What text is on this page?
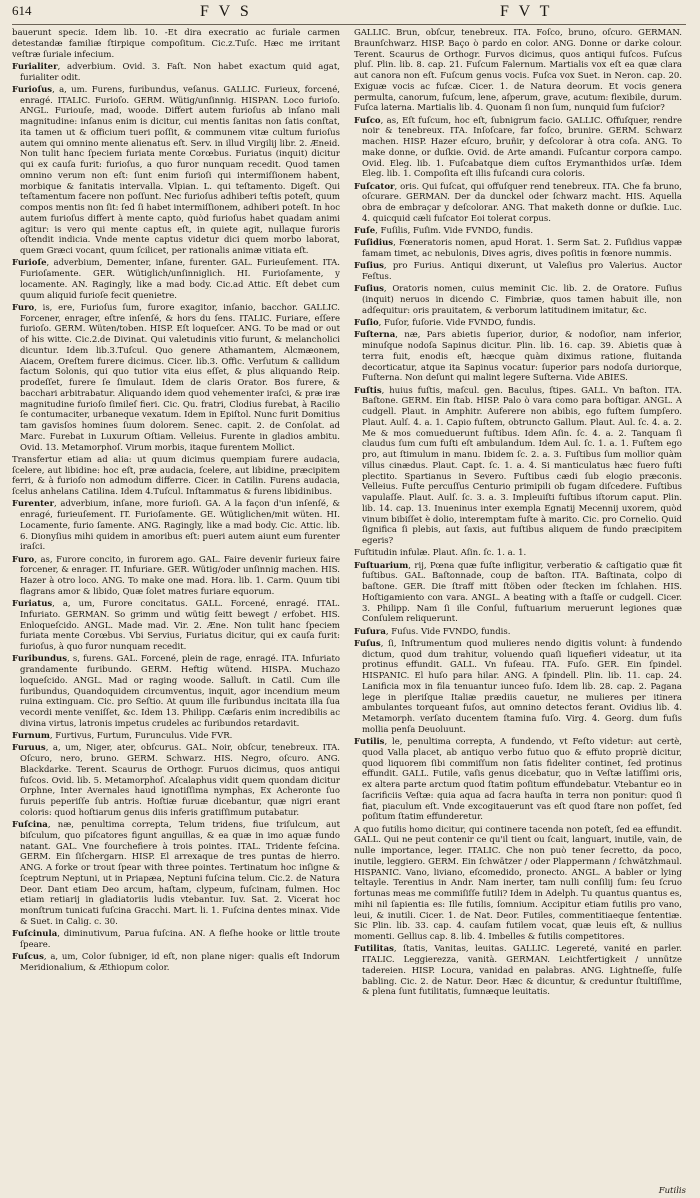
614	F V S	F V T

bauerunt speciε. Idem lib. 10. -Et dira execratio ac furiale carmen detestandæ familiæ ſtirpique compoſitum. Cic.z.Tuſc. Hæc me irritant veſtræ ſuriale infecium.

Furialiter, adverbium. Ovid. 3. Faſt. Non habet exactum quid agat, furialiter odit.

Furioſus, a, um. Furens, furibundus, veſanus. GALLIC. Furieux, forcené, enragé. ITALIC. Furioſo. GERM. Wütig/unſinnig. HISPAN. Loco furioſo. ANGL. Furiouſe, mad, woode. Differt autem furioſus ab inſano mali magnitudine: inſanus enim is dicitur, cui mentis ſanitas non ſatis conſtat, ita tamen ut & officium tueri poſſit, & communem vitæ cultum furioſus autem qui omnino mente alienatus eſt. Serv. in illud Virgilij libr. 2. Æneid. Non tulit hanc ſpeciem furiata mente Corœbus. Furiatus (inquit) dicitur qui ex cauſa furit: furioſus, a quo furor nunquam recedit. Quod tamen omnino verum non eſt: ſunt enim furioſi qui intermiſſionem habent, morbique & fanitatis intervalla. Vlpian. L. qui teſtamento. Digeſt. Qui teſtamentum facere non poſſunt. Nec furioſus adhiberi teſtis poteſt, quum compos mentis non ſit: ſed ſi habet intermiſſionem, adhiberi poteſt. In hoc autem furioſus differt à mente capto, quòd furioſus habet quadam animi agitur: is vero qui mente captus eſt, in quiete agit, nullaque furoris oſtendit indicia. Vnde mente captus videtur dici quem morbo laborat, quem Græci vocant, quum ſcilicet, per rationalis animæ vitiata eſt.

Furioſe, adverbium, Dementer, inſane, furenter. GAL. Furieuſement. ITA. Furioſamente. GER. Wütiglich/unſinniglich. HI. Furioſamente, y locamente. AN. Ragingly, like a mad body. Cic.ad Attic. Eſt debet cum quum aliquid furioſe fecit quenietre.

Furo, is, ere, Furioſus ſum, furore exagitor, inſanio, bacchor. GALLIC. Forcener, enrager, eſtre inſenſé, & hors du ſens. ITALIC. Furiare, eſſere furioſo. GERM. Wüten/toben. HISP. Eſt loqueſcer. ANG. To be mad or out of his witte. Cic.2.de Divinat. Qui valetudinis vitio furunt, & melancholici dicuntur. Idem lib.3.Tuſcul. Quo genere Athamantem, Alcmæonem, Aiacem, Oreſtem furere dicimus. Cicer. lib.3. Offic. Verſutum & callidum factum Solonis, qui quo tutior vita eius eſſet, & plus aliquando Reip. prodeſſet, furere ſe ſimulaut. Idem de claris Orator. Bos furere, & bacchari arbitrabatur. Aliquando idem quod vehementer iraſci, & præ iræ magnitudine furioſo ſimileſ fieri. Cic. Qu. fratri, Clodius furebat, à Racilio ſe contumaciter, urbaneque vexatum. Idem in Epiſtol. Nunc furit Domitius tam gavisſos homines ſuum dolorem. Senec. capit. 2. de Conſolat. ad Marc. Furebat in Luxurum Oſtiam. Velleius. Furente in gladios ambitu. Ovid. 13. Metamorphoſ. Virum morbis, itaque furentem Mollict.

Transfertur etiam ad alia: ut quum dicimus quempiam furere audacia, ſcelere, aut libidine: hoc eſt, præ audacia, ſcelere, aut libidine, præcipitem ferri, & à furioſo non admodum differre. Cicer. in Catilin. Furens audacia, ſcelus anhelans Catilina. Idem 4.Tuſcul. Inſtammatus & furens libidinibus.

Furenter, adverbium, inſane, more furioſi. GA. A la façon d'un inſenſé, & enragé, furieuſement. IT. Furioſamente. GE. Wütiglichen/mit wüten. HI. Locamente, furio ſamente. ANG. Ragingly, like a mad body. Cic. Attic. lib. 6. Dionyſius mihi quidem in amoribus eſt: pueri autem aiunt eum furenter iraſci.

Furo, as, Furore concito, in furorem ago. GAL. Faire devenir furieux faire forcener, & enrager. IT. Infuriare. GER. Wütig/oder unſinnig machen. HIS. Hazer à otro loco. ANG. To make one mad. Hora. lib. 1. Carm. Quum tibi flagrans amor & libido, Quæ ſolet matres furiare equorum.

Furiatus, a, um, Furore concitatus. GALL. Forcené, enragé. ITAL. Infuriato. GERMAN. So grimm und wütig ſeitt bewegt / erfobet. HIS. Enloqueſcido. ANGL. Made mad. Vir. 2. Æne. Non tulit hanc ſpeciem furiata mente Corœbus. Vbi Servius, Furiatus dicitur, qui ex cauſa furit: furioſus, à quo furor nunquam recedit.

Furibundus, s, furens. GAL. Forcené, plein de rage, enragé. ITA. Infuriato grandamente furibundo. GERM. Heftig wütend. HISPA. Muchazo loqueſcido. ANGL. Mad or raging woode. Salluſt. in Catil. Cum ille furibundus, Quandoquidem circumventus, inquit, agor incendium meum ruina extinguam. Cic. pro Seſtio. At quum ille furibundus incitata illa ſua vecordi mente veniſſet, &c. Idem 13. Philipp. Cæſaris enim incredibilis ac divina virtus, latronis impetus crudeles ac furibundos retardavit.

Furnum, Furtivus, Furtum, Furunculus. Vide FVR.

Furuus, a, um, Niger, ater, obſcurus. GAL. Noir, obſcur, tenebreux. ITA. Oſcuro, nero, bruno. GERM. Schwarz. HIS. Negro, oſcuro. ANG. Blackdarke. Terent. Scaurus de Orthogr. Furuos dicimus, quos antiqui fuſcos. Ovid. lib. 5. Metamorphoſ. Aſcalaphus vidit quem quondam dicitur Orphne, Inter Avernales haud ignotiſſima nymphas, Ex Acheronte ſuo furuis peperiſſe ſub antris. Hoſtiæ furuæ dicebantur, quæ nigri erant coloris: quod hoſtiarum genus diis inferis gratiſſimum putabatur.

Fuſcina, næ, penultima correpta, Telum tridens, fiue triſulcum, aut biſculum, quo piſcatores figunt anguillas, & ea quæ in imo aquæ fundo natant. GAL. Vne fourchefiere à trois pointes. ITAL. Tridente feſcina. GERM. Ein ſiſchergarn. HISP. El arrexaque de tres puntas de hierro. ANG. A forke or trout ſpear with three pointes. Tertinatum hoc inſigne & ſceptrum Neptuni, ut in Priapæa, Neptuni fuſcina telum. Cic.2. de Natura Deor. Dant etiam Deo arcum, haſtam, clypeum, fuſcinam, fulmen. Hoc etiam retiarij in gladiatoriis ludis vtebantur. Iuv. Sat. 2. Vicerat hoc monſtrum tunicati fuſcina Gracchi. Mart. li. 1. Fuſcina dentes minax. Vide & Suet. in Calig. c. 30.

Fuſcinula, diminutivum, Parua fuſcina. AN. A fleſhe hooke or little troute ſpeare.

Fuſcus, a, um, Color ſubniger, id eſt, non plane niger: qualis eſt Indorum Meridionalium, & Æthiopum color.

GALLIC. Brun, obſcur, tenebreux. ITA. Foſco, bruno, oſcuro. GERMAN. Braunſchwarz. HISP. Baço ò pardo en color. ANG. Donne or darke colour. Terent. Scaurus de Orthogr. Furvos dicimus, quos antiqui fuſcos. Fuſcus pluſ. Plin. lib. 8. cap. 21. Fuſcum Falernum. Martialis vox eſt ea quæ clara aut canora non eſt. Fuſcum genus vocis. Fuſca vox Suet. in Neron. cap. 20. Exiguæ vocis ac fuſcæ. Cicer. 1. de Natura deorum. Et vocis genera permulta, canorum, fuſcum, lene, aſperum, grave, acutum: flexibile, durum. Fuſca laterna. Martialis lib. 4. Quonam ſi non ſum, nunquid ſum fuſcior?

Fuſco, as, Eſt fuſcum, hoc eſt, ſubnigrum facio. GALLIC. Offuſquer, rendre noir & tenebreux. ITA. Inſoſcare, far foſco, brunire. GERM. Schwarz machen. HISP. Hazer eſcuro, bruñir, y deſcolorar à otra coſa. ANG. To make donne, or duſkie. Ovid. de Arte amandi. Fuſcantur corpora campo. Ovid. Eleg. lib. 1. Fuſcabatque diem cuſtos Erymanthidos urſæ. Idem Eleg. lib. 1. Compoſita eſt illis fuſcandi cura coloris.

Fuſcator, oris. Qui fuſcat, qui offuſquer rend tenebreux. ITA. Che fa bruno, oſcurare. GERMAN. Der da dunckel oder ſchwarz macht. HIS. Aquella obra de embraçar y deſcolorar. ANG. That maketh donne or duſkie. Luc. 4. quicquid cæli fuſcator Eoi tolerat corpus.

Fuſe, Fuſilis, Fuſim. Vide FVNDO, fundis.

Fuſidius, Fœneratoris nomen, apud Horat. 1. Serm Sat. 2. Fuſidius vappæ famam timet, ac nebulonis, Dives agris, dives poſitis in fœnore nummis.

Fuſius, pro Furius. Antiqui dixerunt, ut Valeſius pro Valerius. Auctor Feſtus.

Fuſius, Oratoris nomen, cuius meminit Cic. lib. 2. de Oratore. Fuſius (inquit) neruos in dicendo C. Fimbriæ, quos tamen habuit ille, non adſequitur: oris prauitatem, & verborum latitudinem imitatur, &c.

Fuſio, Fuſor, fuſorie. Vide FVNDO, fundis.

Fuſterna, næ, Pars abietis ſuperior, durior, & nodoſior, nam inferior, minuſque nodoſa Sapinus dicitur. Plin. lib. 16. cap. 39. Abietis quæ à terra fuit, enodis eſt, hæcque quàm diximus ratione, fluitanda decorticatur, atque ita Sapinus vocatur: ſuperior pars nodoſa duriorque, Fuſterna. Non deſunt qui malint legere Suſterna. Vide ABIES.

Fuſtis, huius fuſtis, maſcul. gen. Baculus, ſtipes. GALL. Vn baſton. ITA. Baſtone. GERM. Ein ſtab. HISP. Palo ò vara como para boſtigar. ANGL. A cudgell. Plaut. in Amphitr. Auferere non abibis, ego fuſtem ſumpſero. Plaut. Aulſ. 4. a. 1. Capio fuſtem, obtruncto Gallum. Plaut. Aul. ſc. 4. a. 2. Me & mos comueduerunt fuſtibus. Idem Aſin. ſc. 4. a. 2. Tanquam ſi claudus ſum cum fuſti eſt ambulandum. Idem Aul. ſc. 1. a. 1. Fuſtem ego pro, aut ſtimulum in manu. Ibidem ſc. 2. a. 3. Fuſtibus ſum mollior quàm villus cinædus. Plaut. Capt. ſc. 1. a. 4. Si manticulatus hæc fuero fuſti plectito. Spartianus in Severo. Fuſtibus cædi ſub elogio præconis. Velleius. Fuſte percuſſus Centurio primipili ob fugam diſcedere. Fuſtibus vapulaſſe. Plaut. Aulſ. ſc. 3. a. 3. Impleuiſti fuſtibus iſtorum caput. Plin. lib. 14. cap. 13. Inueninus inter exempla Egnatij Mecennij uxorem, quòd vinum bibiſſet è dolio, interemptam fuſte à marito. Cic. pro Cornelio. Quid ſignifica ſi plebis, aut ſaxis, aut fuſtibus aliquem de fundo præcipitem egeris?

Fuſtitudin infulæ. Plaut. Aſin. ſc. 1. a. 1.

Fuſtuarium, rij, Pœna quæ fuſte infligitur, verberatio & caſtigatio quæ fit fuſtibus. GAL. Baſtonnade, coup de baſton. ITA. Baſtinata, colpo di baſtone. GER. Die ſtraff mitt ſtöben oder ſtecken im ſchlahen. HIS. Hoſtigamiento con vara. ANGL. A beating with a ſtaſſe or cudgell. Cicer. 3. Philipp. Nam ſi ille Conſul, fuſtuarium meruerunt legiones quæ Conſulem reliquerunt.

Fuſura, Fuſus. Vide FVNDO, fundis.

Fuſus, ſi, Inſtrumentum quod mulieres nendo digitis volunt: à fundendo dictum, quod dum trahitur, voluendo quaſi liquefieri videatur, ut ita protinus effundit. GALL. Vn fuſeau. ITA. Fuſo. GER. Ein ſpindel. HISPANIC. El huſo para hilar. ANG. A ſpindell. Plin. lib. 11. cap. 24. Lanificia mox in fila tenuantur iunceo fuſo. Idem lib. 28. cap. 2. Pagana lege in pleriſque Italiæ prædiis cauetur, ne mulieres per itinera ambulantes torqueant fuſos, aut omnino detectos ferant. Ovidius lib. 4. Metamorph. verſato ducentem ſtamina fuſo. Virg. 4. Georg. dum fuſis mollia penſa Deuoluunt.

Futilis, le, penultima correpta, A fundendo, vt Feſto videtur: aut certè, quod Valla placet, ab antiquo verbo futuo quo & effuto propriè dicitur, quod liquorem ſibi commiſſum non ſatis fideliter continet, ſed protinus effundit. GALL. Futile, vaſis genus dicebatur, quo in Veſtæ latiſſimi oris, ex altera parte arctum quod ſtatim poſitum effundebatur. Vtebantur eo in ſacrificiis Veſtæ: quia aqua ad ſacra hauſta in terra non ponitur: quod ſi fiat, piaculum eſt. Vnde excogitauerunt vas eſt quod ſtare non poſſet, ſed poſitum ſtatim effunderetur.

A quo futilis homo dicitur, qui continere tacenda non poteſt, ſed ea effundit. GALL. Qui ne peut contenir ce qu'il tient ou ſcait, languart, inutile, vain, de nulle importance, leger. ITALIC. Che non può tener ſecretto, da poco, inutile, leggiero. GERM. Ein ſchwätzer / oder Plappermann / ſchwätzhmaul. HISPANIC. Vano, liviano, eſcomedido, pronecto. ANGL. A babler or lying teltayle. Terentius in Andr. Nam inerter, tam nulli conſilij ſum: ſeu ſcruo fortunas meas me commiſiſſe futili? Idem in Adelph. Tu quantus quantus es, mihi nil ſapientia es: Ille futilis, ſomnium. Accipitur etiam futilis pro vano, leui, & inutili. Cicer. 1. de Nat. Deor. Futiles, commentitiaeque ſententiæ. Sic Plin. lib. 33. cap. 4. cauſam futilem vocat, quæ leuis eſt, & nullius momenti. Gellius cap. 8. lib. 4. Imbelles & futilis competitores.

Futilitas, ſtatis, Vanitas, leuitas. GALLIC. Legereté, vanité en parler. ITALIC. Leggierezza, vanità. GERMAN. Leichtfertigkeit / unnütze tadereien. HISP. Locura, vanidad en palabras. ANG. Lightneſſe, fulſe babling. Cic. 2. de Natur. Deor. Hæc & dicuntur, & creduntur ſtultiſſime, & plena ſunt futilitatis, ſumnæque leuitatis.

Futilis
